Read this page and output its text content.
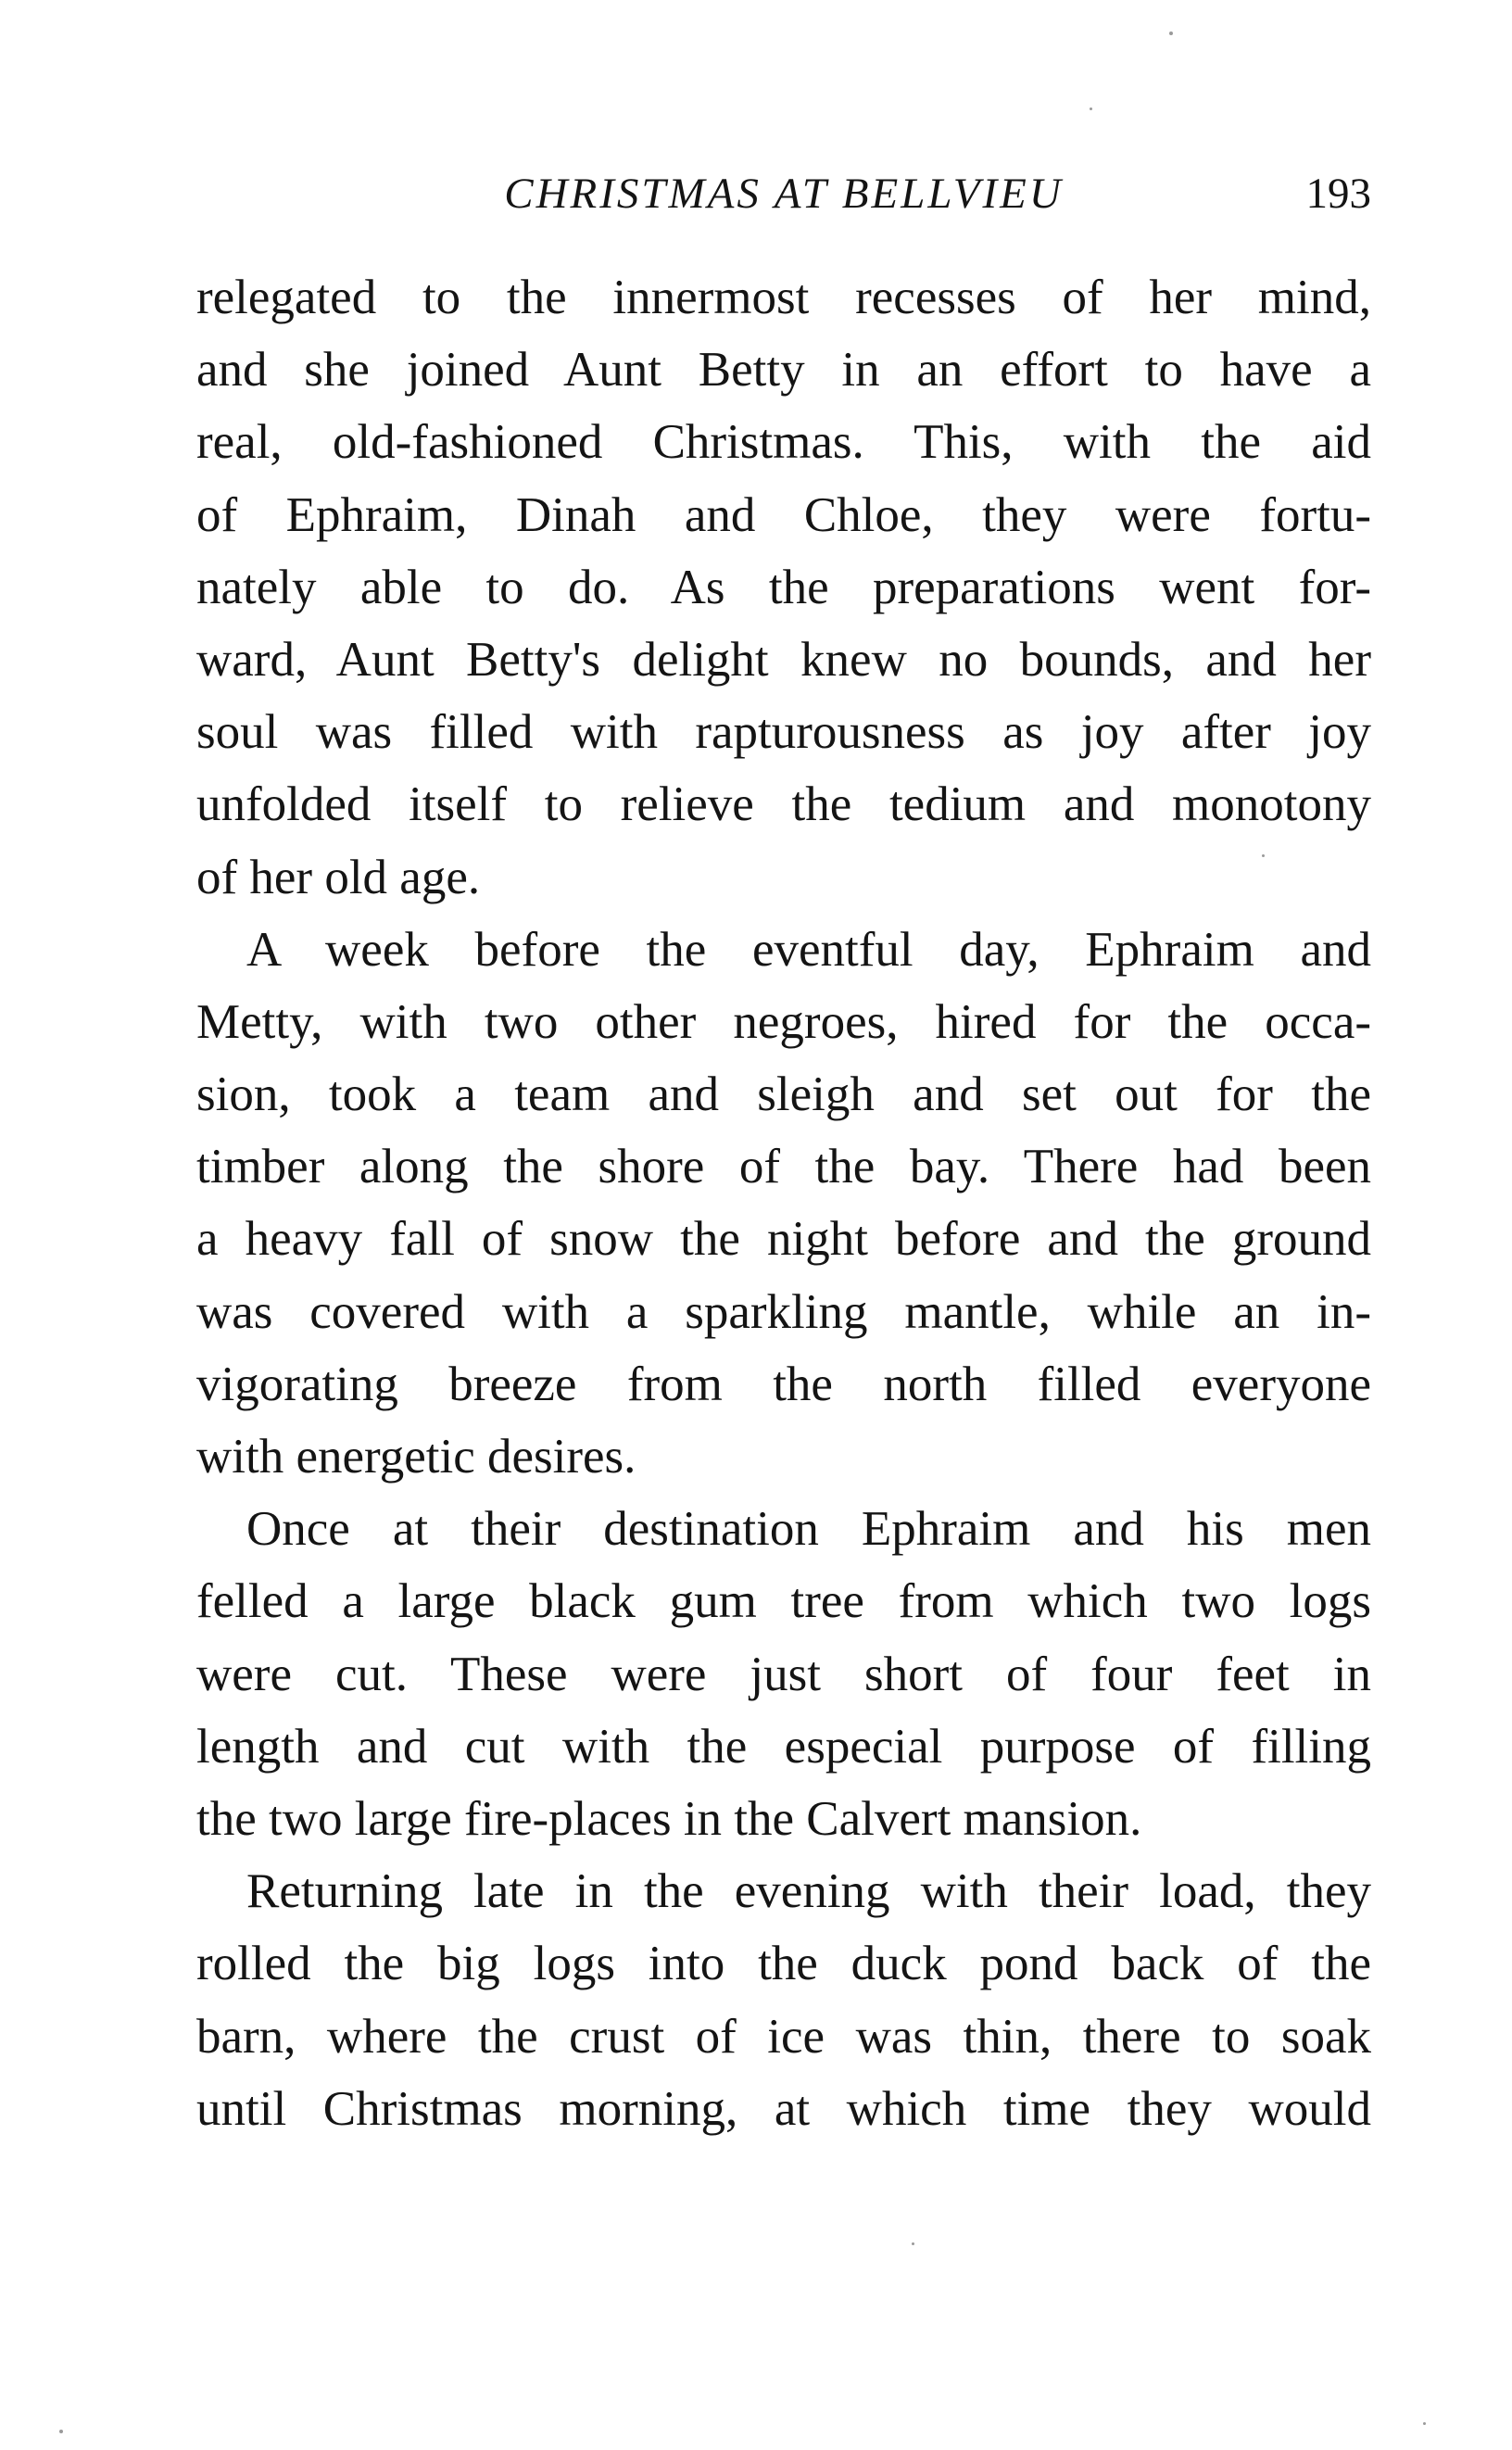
CHRISTMAS AT BELLVIEU	193
relegated to the innermost recesses of her mind,
and she joined Aunt Betty in an effort to have a
real, old-fashioned Christmas. This, with the aid
of Ephraim, Dinah and Chloe, they were fortu-
nately able to do. As the preparations went for-
ward, Aunt Betty's delight knew no bounds, and her
soul was filled with rapturousness as joy after joy
unfolded itself to relieve the tedium and monotony
of her old age.
A week before the eventful day, Ephraim and
Metty, with two other negroes, hired for the occa-
sion, took a team and sleigh and set out for the
timber along the shore of the bay. There had been
a heavy fall of snow the night before and the ground
was covered with a sparkling mantle, while an in-
vigorating breeze from the north filled everyone
with energetic desires.
Once at their destination Ephraim and his men
felled a large black gum tree from which two logs
were cut. These were just short of four feet in
length and cut with the especial purpose of filling
the two large fire-places in the Calvert mansion.
Returning late in the evening with their load, they
rolled the big logs into the duck pond back of the
barn, where the crust of ice was thin, there to soak
until Christmas morning, at which time they would
